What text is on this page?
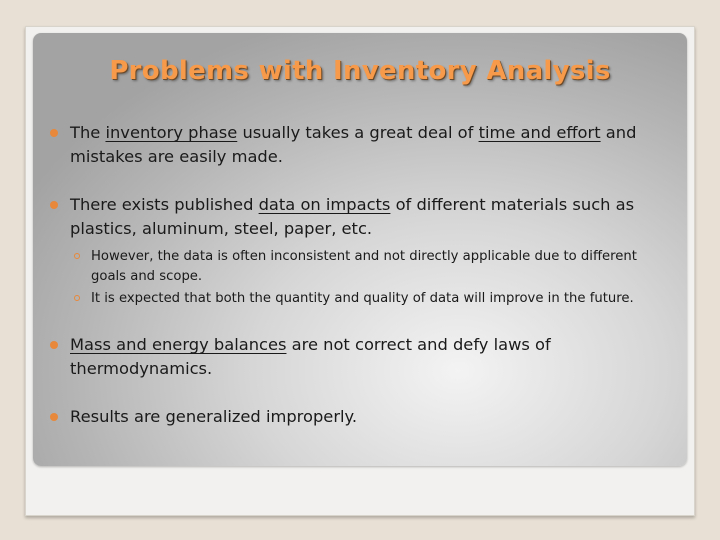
Problems with Inventory Analysis
The inventory phase usually takes a great deal of time and effort and mistakes are easily made.
There exists published data on impacts of different materials such as plastics, aluminum, steel, paper, etc.
However, the data is often inconsistent and not directly applicable due to different goals and scope.
It is expected that both the quantity and quality of data will improve in the future.
Mass and energy balances are not correct and defy laws of thermodynamics.
Results are generalized improperly.
